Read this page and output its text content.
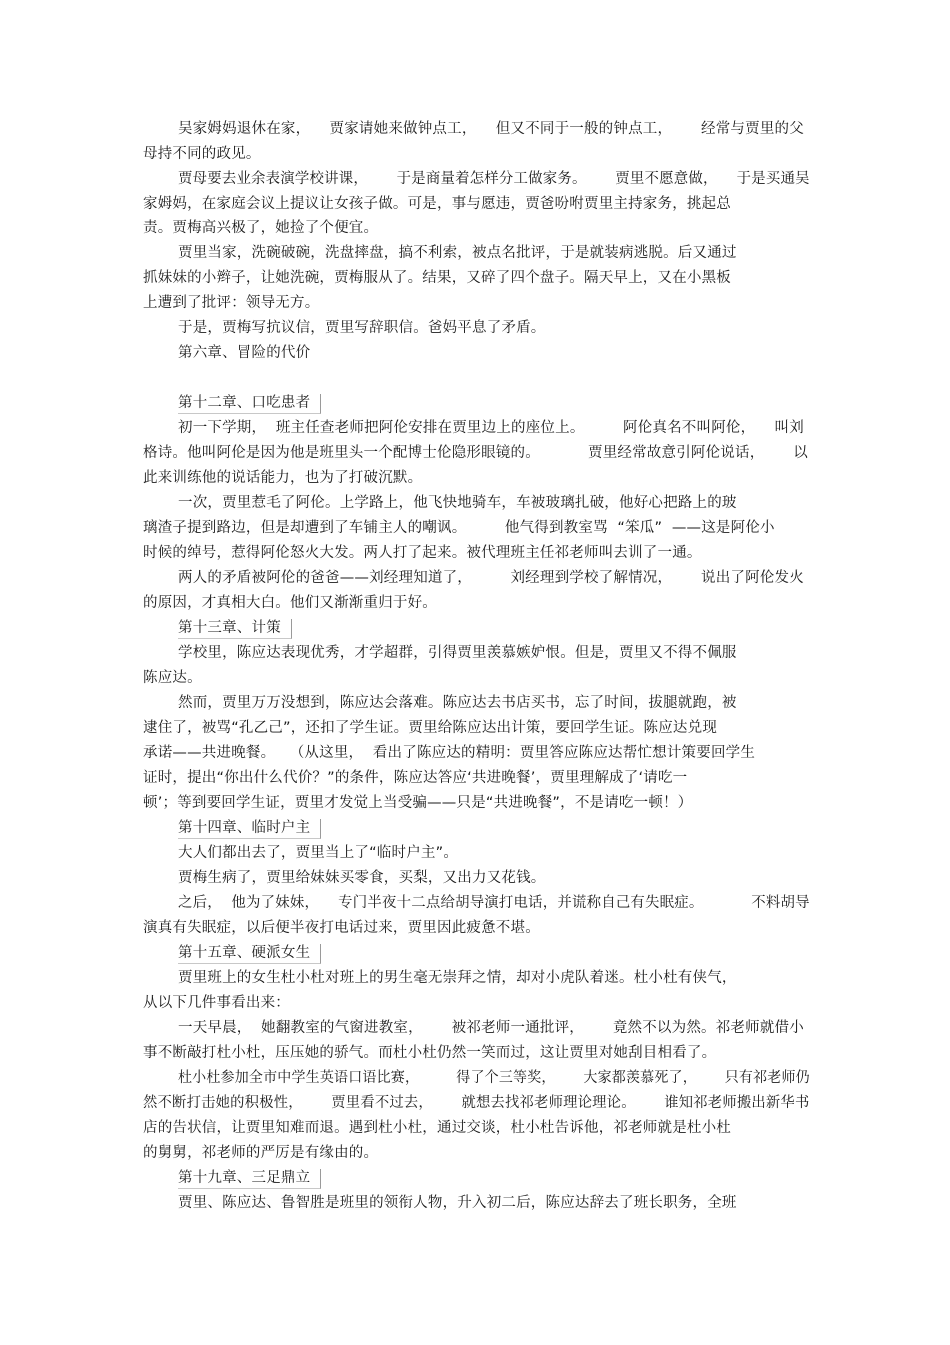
吴家姆妈退休在家，    贾家请她来做钟点工，    但又不同于一般的钟点工，      经常与贾里的父
母持不同的政见。
贾母要去业余表演学校讲课，      于是商量着怎样分工做家务。      贾里不愿意做，    于是买通吴
家姆妈，在家庭会议上提议让女孩子做。可是，事与愿违，贾爸吩咐贾里主持家务，挑起总
责。贾梅高兴极了，她捡了个便宜。
贾里当家，洗碗破碗，洗盘摔盘，搞不利索，被点名批评，于是就装病逃脱。后又通过
抓妹妹的小辫子，让她洗碗，贾梅服从了。结果，又碎了四个盘子。隔天早上，又在小黑板
上遭到了批评：领导无方。
于是，贾梅写抗议信，贾里写辞职信。爸妈平息了矛盾。
第六章、冒险的代价
第十二章、口吃患者
初一下学期，  班主任查老师把阿伦安排在贾里边上的座位上。        阿伦真名不叫阿伦，    叫刘
格诗。他叫阿伦是因为他是班里头一个配博士伦隐形眼镜的。          贾里经常故意引阿伦说话，      以
此来训练他的说话能力，也为了打破沉默。
一次，贾里惹毛了阿伦。上学路上，他飞快地骑车，车被玻璃扎破，他好心把路上的玻
璃渣子提到路边，但是却遭到了车铺主人的嘲讽。        他气得到教室骂  “笨瓜”  ——这是阿伦小
时候的绰号，惹得阿伦怒火大发。两人打了起来。被代理班主任祁老师叫去训了一通。
两人的矛盾被阿伦的爸爸——刘经理知道了，        刘经理到学校了解情况，      说出了阿伦发火
的原因，才真相大白。他们又渐渐重归于好。
第十三章、计策
学校里，陈应达表现优秀，才学超群，引得贾里羡慕嫉妒恨。但是，贾里又不得不佩服
陈应达。
然而，贾里万万没想到，陈应达会落难。陈应达去书店买书，忘了时间，拔腿就跑，被
逮住了，被骂“孔乙己”，还扣了学生证。贾里给陈应达出计策，要回学生证。陈应达兑现
承诺——共进晚餐。   （从这里，  看出了陈应达的精明：贾里答应陈应达帮忙想计策要回学生
证时，提出“你出什么代价？”的条件，陈应达答应‘共进晚餐’，贾里理解成了‘请吃一
顿’；等到要回学生证，贾里才发觉上当受骗——只是“共进晚餐”，不是请吃一顿！）
第十四章、临时户主
大人们都出去了，贾里当上了“临时户主”。
贾梅生病了，贾里给妹妹买零食，买梨，又出力又花钱。
之后，  他为了妹妹，    专门半夜十二点给胡导演打电话，并谎称自己有失眠症。          不料胡导
演真有失眠症，以后便半夜打电话过来，贾里因此疲惫不堪。
第十五章、硬派女生
贾里班上的女生杜小杜对班上的男生毫无崇拜之情，却对小虎队着迷。杜小杜有侠气，
从以下几件事看出来：
一天早晨，  她翻教室的气窗进教室，      被祁老师一通批评，      竟然不以为然。祁老师就借小
事不断敲打杜小杜，压压她的骄气。而杜小杜仍然一笑而过，这让贾里对她刮目相看了。
杜小杜参加全市中学生英语口语比赛，        得了个三等奖，      大家都羡慕死了，      只有祁老师仍
然不断打击她的积极性，      贾里看不过去，      就想去找祁老师理论理论。      谁知祁老师搬出新华书
店的告状信，让贾里知难而退。遇到杜小杜，通过交谈，杜小杜告诉他，祁老师就是杜小杜
的舅舅，祁老师的严厉是有缘由的。
第十九章、三足鼎立
贾里、陈应达、鲁智胜是班里的领衔人物，升入初二后，陈应达辞去了班长职务，全班
